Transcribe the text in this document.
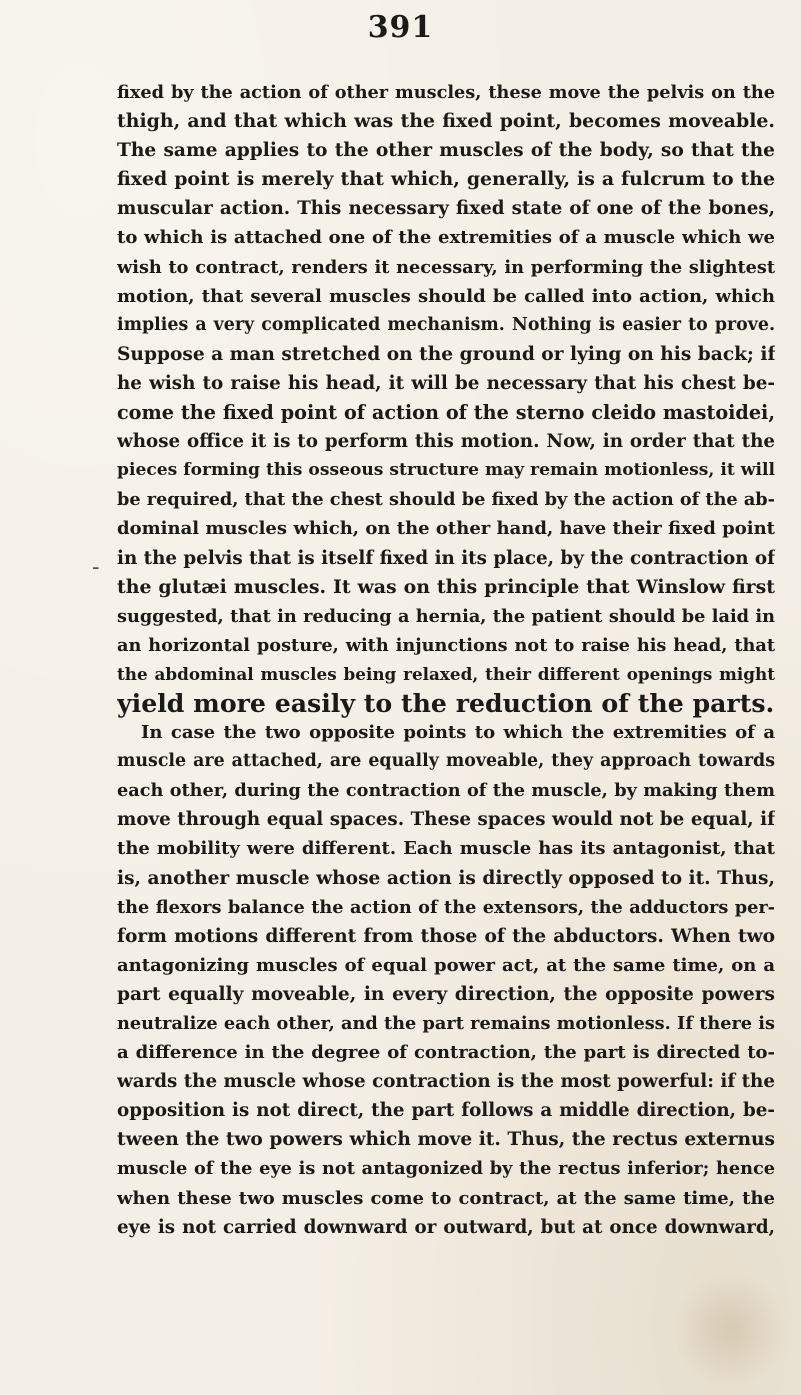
391
-
fixed by the action of other muscles, these move the pelvis on the
thigh, and that which was the fixed point, becomes moveable.
The same applies to the other muscles of the body, so that the
fixed point is merely that which, generally, is a fulcrum to the
muscular action. This necessary fixed state of one of the bones,
to which is attached one of the extremities of a muscle which we
wish to contract, renders it necessary, in performing the slightest
motion, that several muscles should be called into action, which
implies a very complicated mechanism. Nothing is easier to prove.
Suppose a man stretched on the ground or lying on his back; if
he wish to raise his head, it will be necessary that his chest be-
come the fixed point of action of the sterno cleido mastoidei,
whose office it is to perform this motion. Now, in order that the
pieces forming this osseous structure may remain motionless, it will
be required, that the chest should be fixed by the action of the ab-
dominal muscles which, on the other hand, have their fixed point
in the pelvis that is itself fixed in its place, by the contraction of
the glutæi muscles. It was on this principle that Winslow first
suggested, that in reducing a hernia, the patient should be laid in
an horizontal posture, with injunctions not to raise his head, that
the abdominal muscles being relaxed, their different openings might
yield more easily to the reduction of the parts.
In case the two opposite points to which the extremities of a
muscle are attached, are equally moveable, they approach towards
each other, during the contraction of the muscle, by making them
move through equal spaces. These spaces would not be equal, if
the mobility were different. Each muscle has its antagonist, that
is, another muscle whose action is directly opposed to it. Thus,
the flexors balance the action of the extensors, the adductors per-
form motions different from those of the abductors. When two
antagonizing muscles of equal power act, at the same time, on a
part equally moveable, in every direction, the opposite powers
neutralize each other, and the part remains motionless. If there is
a difference in the degree of contraction, the part is directed to-
wards the muscle whose contraction is the most powerful: if the
opposition is not direct, the part follows a middle direction, be-
tween the two powers which move it. Thus, the rectus externus
muscle of the eye is not antagonized by the rectus inferior; hence
when these two muscles come to contract, at the same time, the
eye is not carried downward or outward, but at once downward,
